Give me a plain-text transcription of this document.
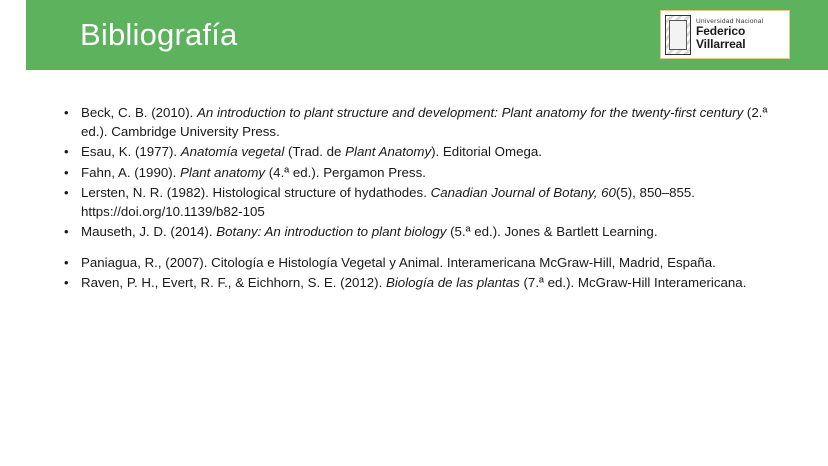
Bibliografía	Universidad Nacional
Federico Villarreal
• Beck, C. B. (2010). An introduction to plant structure and development: Plant anatomy for the twenty-first century (2.ª ed.). Cambridge University Press.
• Esau, K. (1977). Anatomía vegetal (Trad. de Plant Anatomy). Editorial Omega.
• Fahn, A. (1990). Plant anatomy (4.ª ed.). Pergamon Press.
• Lersten, N. R. (1982). Histological structure of hydathodes. Canadian Journal of Botany, 60(5), 850–855. https://doi.org/10.1139/b82-105
• Mauseth, J. D. (2014). Botany: An introduction to plant biology (5.ª ed.). Jones & Bartlett Learning.
• Paniagua, R., (2007). Citología e Histología Vegetal y Animal. Interamericana McGraw-Hill, Madrid, España.
• Raven, P. H., Evert, R. F., & Eichhorn, S. E. (2012). Biología de las plantas (7.ª ed.). McGraw-Hill Interamericana.
